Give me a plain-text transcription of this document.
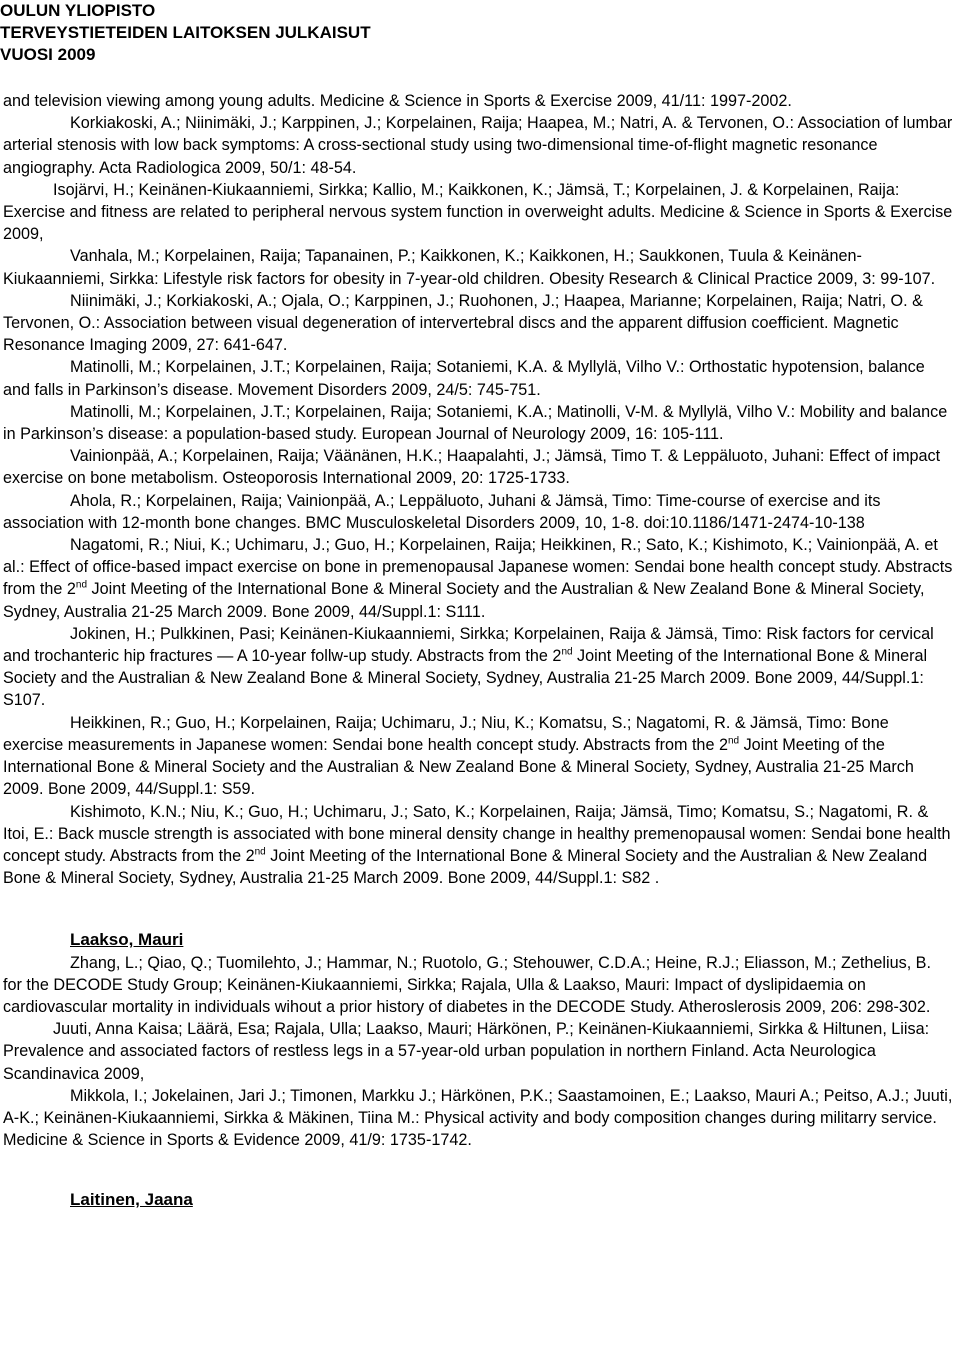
OULUN YLIOPISTO
TERVEYSTIETEIDEN LAITOKSEN JULKAISUT
VUOSI 2009

and television viewing among young adults. Medicine & Science in Sports & Exercise 2009, 41/11: 1997-2002.

Korkiakoski, A.; Niinimäki, J.; Karppinen, J.; Korpelainen, Raija; Haapea, M.; Natri, A. & Tervonen, O.: Association of lumbar arterial stenosis with low back symptoms: A cross-sectional study using two-dimensional time-of-flight magnetic resonance angiography. Acta Radiologica 2009, 50/1: 48-54.

Isojärvi, H.; Keinänen-Kiukaanniemi, Sirkka; Kallio, M.; Kaikkonen, K.; Jämsä, T.; Korpelainen, J. & Korpelainen, Raija: Exercise and fitness are related to peripheral nervous system function in overweight adults. Medicine & Science in Sports & Exercise 2009,

Vanhala, M.; Korpelainen, Raija; Tapanainen, P.; Kaikkonen, K.; Kaikkonen, H.; Saukkonen, Tuula & Keinänen-Kiukaanniemi, Sirkka: Lifestyle risk factors for obesity in 7-year-old children. Obesity Research & Clinical Practice 2009, 3: 99-107.

Niinimäki, J.; Korkiakoski, A.; Ojala, O.; Karppinen, J.; Ruohonen, J.; Haapea, Marianne; Korpelainen, Raija; Natri, O. & Tervonen, O.: Association between visual degeneration of intervertebral discs and the apparent diffusion coefficient. Magnetic Resonance Imaging 2009, 27: 641-647.

Matinolli, M.; Korpelainen, J.T.; Korpelainen, Raija; Sotaniemi, K.A. & Myllylä, Vilho V.: Orthostatic hypotension, balance and falls in Parkinson’s disease. Movement Disorders 2009, 24/5: 745-751.

Matinolli, M.; Korpelainen, J.T.; Korpelainen, Raija; Sotaniemi, K.A.; Matinolli, V-M. & Myllylä, Vilho V.: Mobility and balance in Parkinson’s disease: a population-based study. European Journal of Neurology 2009, 16: 105-111.

Vainionpää, A.; Korpelainen, Raija; Väänänen, H.K.; Haapalahti, J.; Jämsä, Timo T. & Leppäluoto, Juhani: Effect of impact exercise on bone metabolism. Osteoporosis International 2009, 20: 1725-1733.

Ahola, R.; Korpelainen, Raija; Vainionpää, A.; Leppäluoto, Juhani & Jämsä, Timo: Time-course of exercise and its association with 12-month bone changes. BMC Musculoskeletal Disorders 2009, 10, 1-8. doi:10.1186/1471-2474-10-138

Nagatomi, R.; Niui, K.; Uchimaru, J.; Guo, H.; Korpelainen, Raija; Heikkinen, R.; Sato, K.; Kishimoto, K.; Vainionpää, A. et al.: Effect of office-based impact exercise on bone in premenopausal Japanese women: Sendai bone health concept study. Abstracts from the 2nd Joint Meeting of the International Bone & Mineral Society and the Australian & New Zealand Bone & Mineral Society, Sydney, Australia 21-25 March 2009. Bone 2009, 44/Suppl.1: S111.

Jokinen, H.; Pulkkinen, Pasi; Keinänen-Kiukaanniemi, Sirkka; Korpelainen, Raija & Jämsä, Timo: Risk factors for cervical and trochanteric hip fractures — A 10-year follw-up study. Abstracts from the 2nd Joint Meeting of the International Bone & Mineral Society and the Australian & New Zealand Bone & Mineral Society, Sydney, Australia 21-25 March 2009. Bone 2009, 44/Suppl.1: S107.

Heikkinen, R.; Guo, H.; Korpelainen, Raija; Uchimaru, J.; Niu, K.; Komatsu, S.; Nagatomi, R. & Jämsä, Timo: Bone exercise measurements in Japanese women: Sendai bone health concept study. Abstracts from the 2nd Joint Meeting of the International Bone & Mineral Society and the Australian & New Zealand Bone & Mineral Society, Sydney, Australia 21-25 March 2009. Bone 2009, 44/Suppl.1: S59.

Kishimoto, K.N.; Niu, K.; Guo, H.; Uchimaru, J.; Sato, K.; Korpelainen, Raija; Jämsä, Timo; Komatsu, S.; Nagatomi, R. & Itoi, E.: Back muscle strength is associated with bone mineral density change in healthy premenopausal women: Sendai bone health concept study. Abstracts from the 2nd Joint Meeting of the International Bone & Mineral Society and the Australian & New Zealand Bone & Mineral Society, Sydney, Australia 21-25 March 2009. Bone 2009, 44/Suppl.1: S82 .

Laakso, Mauri

Zhang, L.; Qiao, Q.; Tuomilehto, J.; Hammar, N.; Ruotolo, G.; Stehouwer, C.D.A.; Heine, R.J.; Eliasson, M.; Zethelius, B. for the DECODE Study Group; Keinänen-Kiukaanniemi, Sirkka; Rajala, Ulla & Laakso, Mauri: Impact of dyslipidaemia on cardiovascular mortality in individuals wihout a prior history of diabetes in the DECODE Study. Atherosleros​is 2009, 206: 298-302.

Juuti, Anna Kaisa; Läärä, Esa; Rajala, Ulla; Laakso, Mauri; Härkönen, P.; Keinänen-Kiukaanniemi, Sirkka & Hiltunen, Liisa: Prevalence and associated factors of restless legs in a 57-year-old urban population in northern Finland. Acta Neurologica Scandinavica 2009,

Mikkola, I.; Jokelainen, Jari J.; Timonen, Markku J.; Härkönen, P.K.; Saastamoinen, E.; Laakso, Mauri A.; Peitso, A.J.; Juuti, A-K.; Keinänen-Kiukaanniemi, Sirkka & Mäkinen, Tiina M.: Physical activity and body composition changes during militarry service. Medicine & Science in Sports & Evidence 2009, 41/9: 1735-1742.

Laitinen, Jaana
